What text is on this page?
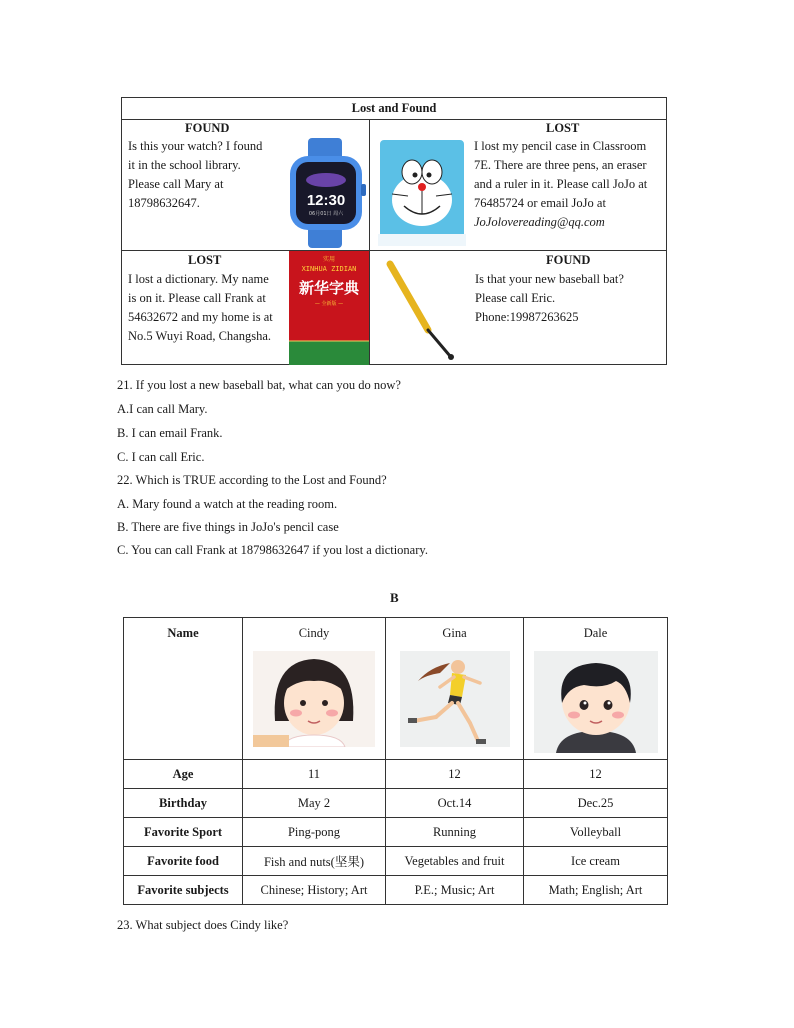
Lost and Found
FOUND
Is this your watch? I found
it in the school library.
Please call Mary at
18798632647.	12:30
06月01日 周六
LOST
I lost my pencil case in Classroom
7E. There are three pens, an eraser
and a ruler in it. Please call JoJo at
76485724 or email JoJo at
JoJolovereading@qq.com
LOST
I lost a dictionary. My name
is on it. Please call Frank at
54632672 and my home is at
No.5 Wuyi Road, Changsha.
实用
XINHUA ZIDIAN
新华字典
— 全新版 —
FOUND
Is that your new baseball bat?
Please call Eric.
Phone:19987263625
21. If you lost a new baseball bat, what can you do now?
A.I can call Mary.
B. I can email Frank.
C. I can call Eric.
22. Which is TRUE according to the Lost and Found?
A. Mary found a watch at the reading room.
B. There are five things in JoJo's pencil case
C. You can call Frank at 18798632647 if you lost a dictionary.
B
Name	Cindy	Gina	Dale

Age	11	12	12
Birthday	May 2	Oct.14	Dec.25
Favorite Sport	Ping-pong	Running	Volleyball
Favorite food	Fish and nuts(坚果)	Vegetables and fruit	Ice cream
Favorite subjects	Chinese; History; Art	P.E.; Music; Art	Math; English; Art
23. What subject does Cindy like?
